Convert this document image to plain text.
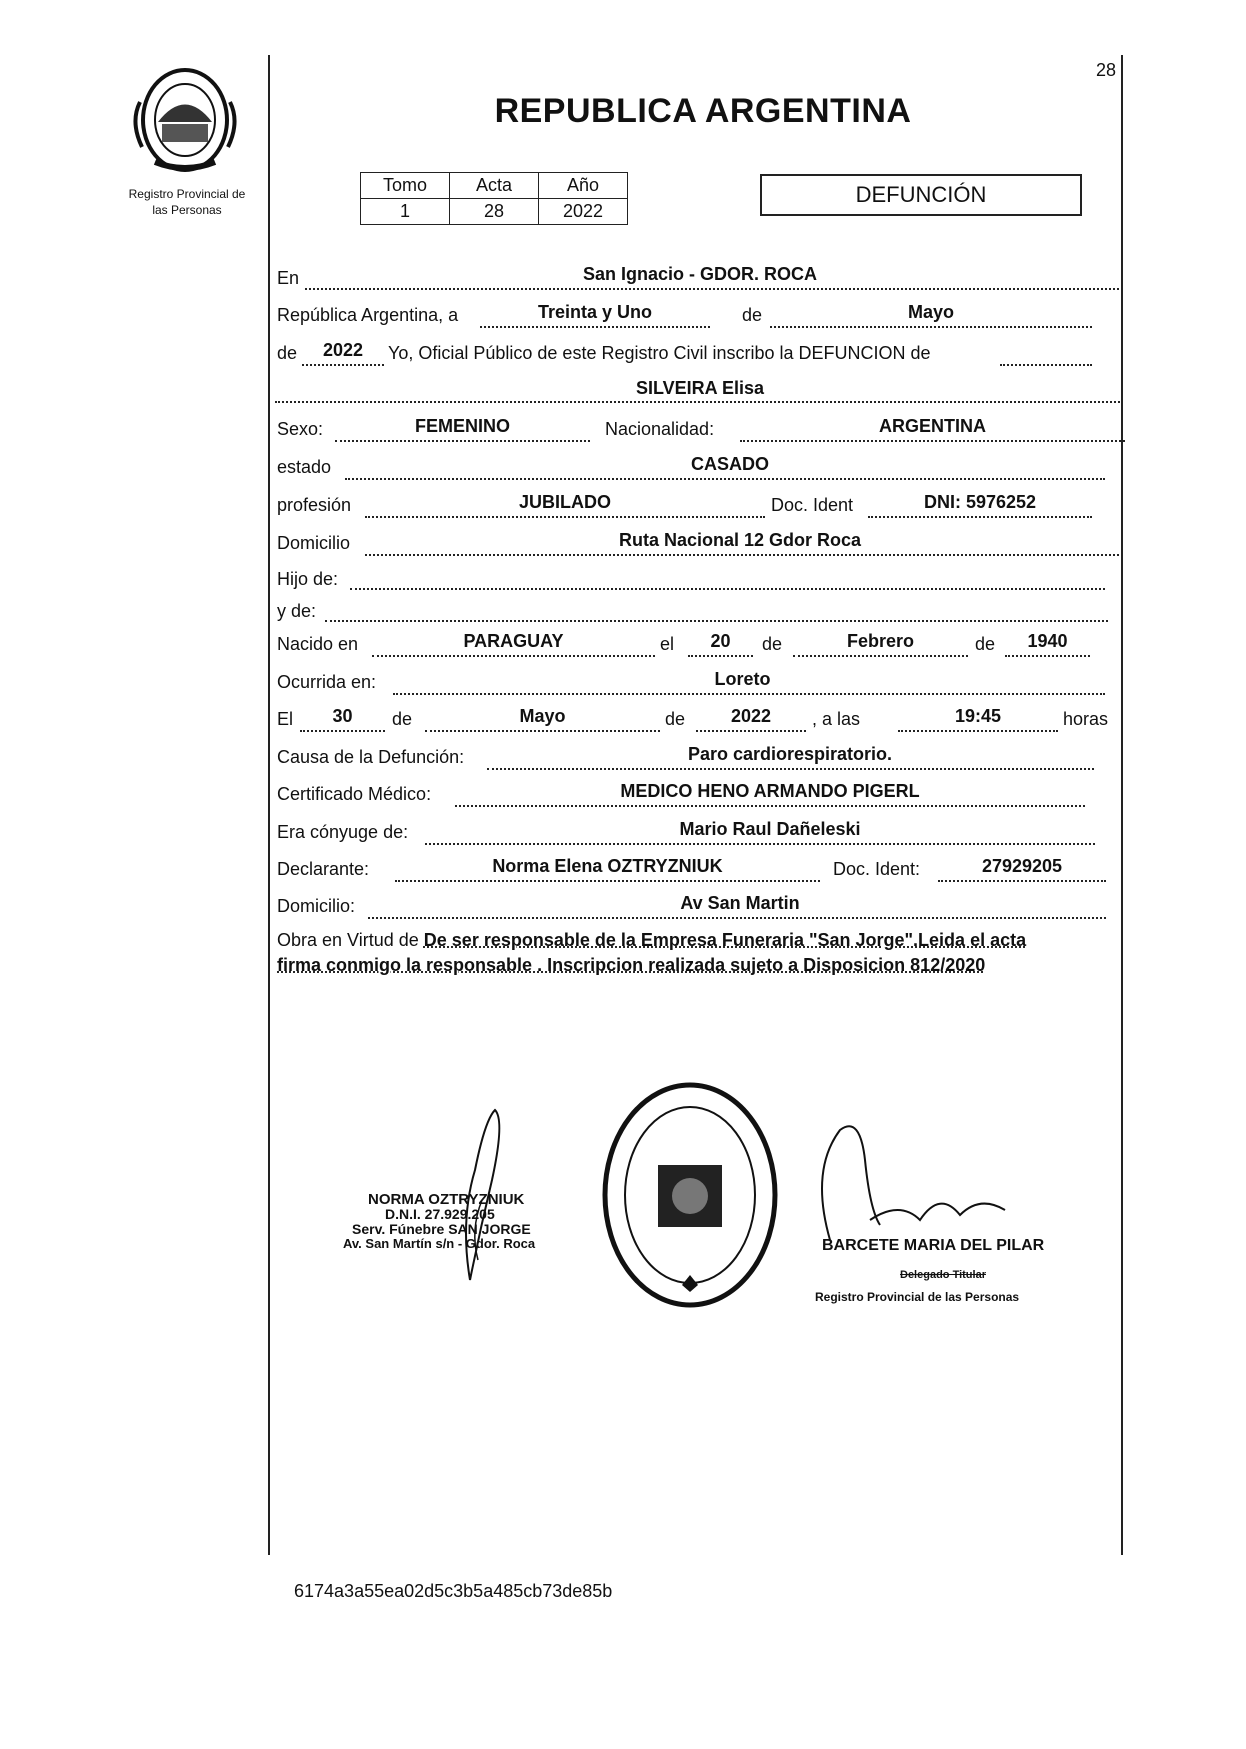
28
Registro Provincial de
las Personas
REPUBLICA ARGENTINA
Tomo	Acta	Año
1	28	2022
DEFUNCIÓN
En	San Ignacio - GDOR. ROCA
República Argentina, a	Treinta y Uno	de	Mayo
de	2022	Yo, Oficial Público de este Registro Civil inscribo la DEFUNCION de
SILVEIRA Elisa
Sexo:	FEMENINO	Nacionalidad:	ARGENTINA
estado	CASADO
profesión	JUBILADO	Doc. Ident	DNI: 5976252
Domicilio	Ruta Nacional 12 Gdor Roca
Hijo de:
y de:
Nacido en	PARAGUAY	el	20	de	Febrero	de	1940
Ocurrida en:	Loreto
El	30	de	Mayo	de	2022	, a las	19:45	horas
Causa de la Defunción:	Paro cardiorespiratorio.
Certificado Médico:	MEDICO HENO ARMANDO PIGERL
Era cónyuge de:	Mario Raul Dañeleski
Declarante:	Norma Elena OZTRYZNIUK	Doc. Ident:	27929205
Domicilio:	Av San Martin
Obra en Virtud de De ser responsable de la Empresa Funeraria "San Jorge".Leida el acta
firma conmigo la responsable . Inscripcion realizada sujeto a Disposicion 812/2020
NORMA OZTRYZNIUK
D.N.I. 27.929.205
Serv. Fúnebre SAN JORGE
Av. San Martín s/n - Gdor. Roca	BARCETE MARIA DEL PILAR
Delegado Titular
Registro Provincial de las Personas
6174a3a55ea02d5c3b5a485cb73de85b
